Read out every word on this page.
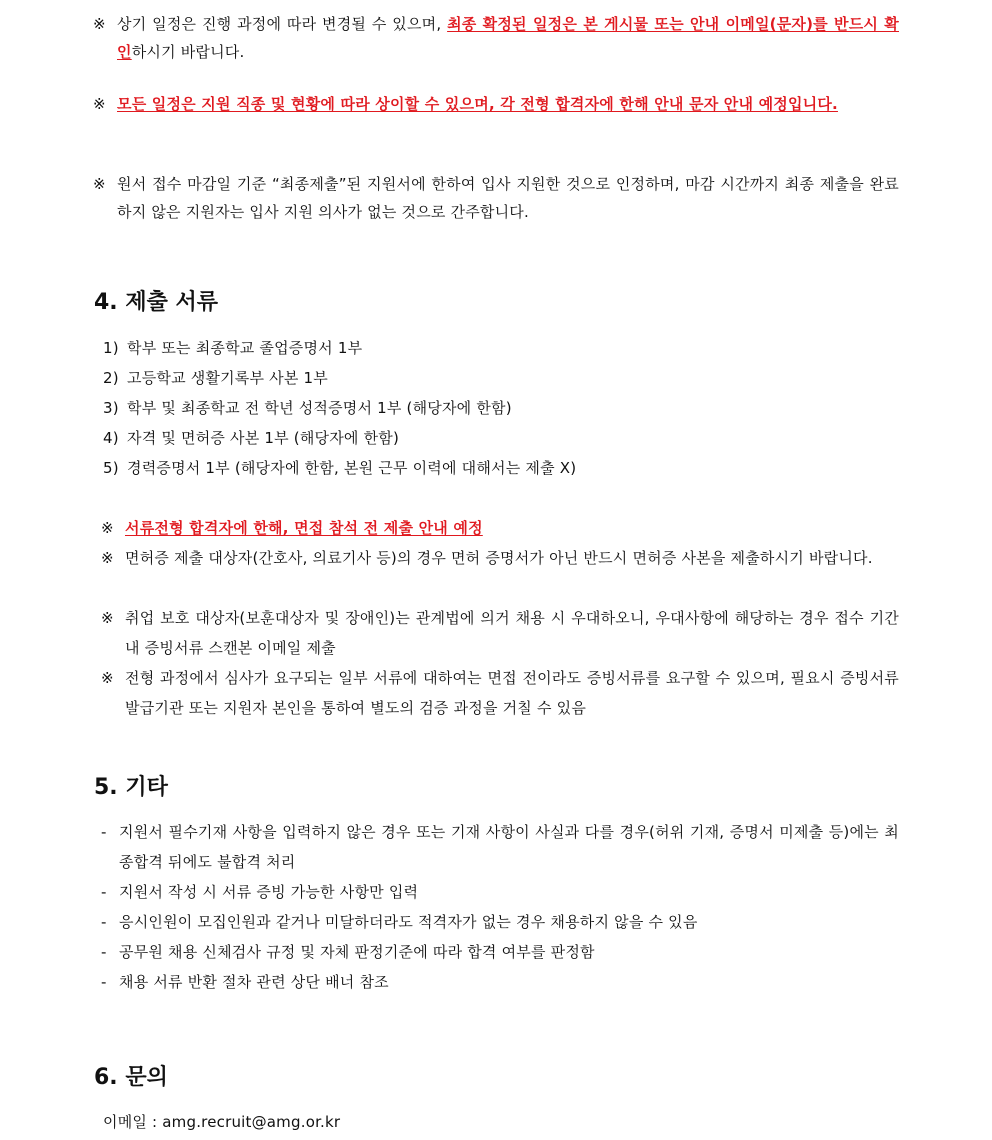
※ 상기 일정은 진행 과정에 따라 변경될 수 있으며, 최종 확정된 일정은 본 게시물 또는 안내 이메일(문자)를 반드시 확인하시기 바랍니다.
※ 모든 일정은 지원 직종 및 현황에 따라 상이할 수 있으며, 각 전형 합격자에 한해 안내 문자 안내 예정입니다.
※ 원서 접수 마감일 기준 “최종제출”된 지원서에 한하여 입사 지원한 것으로 인정하며, 마감 시간까지 최종 제출을 완료하지 않은 지원자는 입사 지원 의사가 없는 것으로 간주합니다.
4. 제출 서류
1) 학부 또는 최종학교 졸업증명서 1부
2) 고등학교 생활기록부 사본 1부
3) 학부 및 최종학교 전 학년 성적증명서 1부 (해당자에 한함)
4) 자격 및 면허증 사본 1부 (해당자에 한함)
5) 경력증명서 1부 (해당자에 한함, 본원 근무 이력에 대해서는 제출 X)
※ 서류전형 합격자에 한해, 면접 참석 전 제출 안내 예정
※ 면허증 제출 대상자(간호사, 의료기사 등)의 경우 면허 증명서가 아닌 반드시 면허증 사본을 제출하시기 바랍니다.
※ 취업 보호 대상자(보훈대상자 및 장애인)는 관계법에 의거 채용 시 우대하오니, 우대사항에 해당하는 경우 접수 기간 내 증빙서류 스캔본 이메일 제출
※ 전형 과정에서 심사가 요구되는 일부 서류에 대하여는 면접 전이라도 증빙서류를 요구할 수 있으며, 필요시 증빙서류 발급기관 또는 지원자 본인을 통하여 별도의 검증 과정을 거칠 수 있음
5. 기타
- 지원서 필수기재 사항을 입력하지 않은 경우 또는 기재 사항이 사실과 다를 경우(허위 기재, 증명서 미제출 등)에는 최종합격 뒤에도 불합격 처리
- 지원서 작성 시 서류 증빙 가능한 사항만 입력
- 응시인원이 모집인원과 같거나 미달하더라도 적격자가 없는 경우 채용하지 않을 수 있음
- 공무원 채용 신체검사 규정 및 자체 판정기준에 따라 합격 여부를 판정함
- 채용 서류 반환 절차 관련 상단 배너 참조
6. 문의
이메일 : amg.recruit@amg.or.kr
